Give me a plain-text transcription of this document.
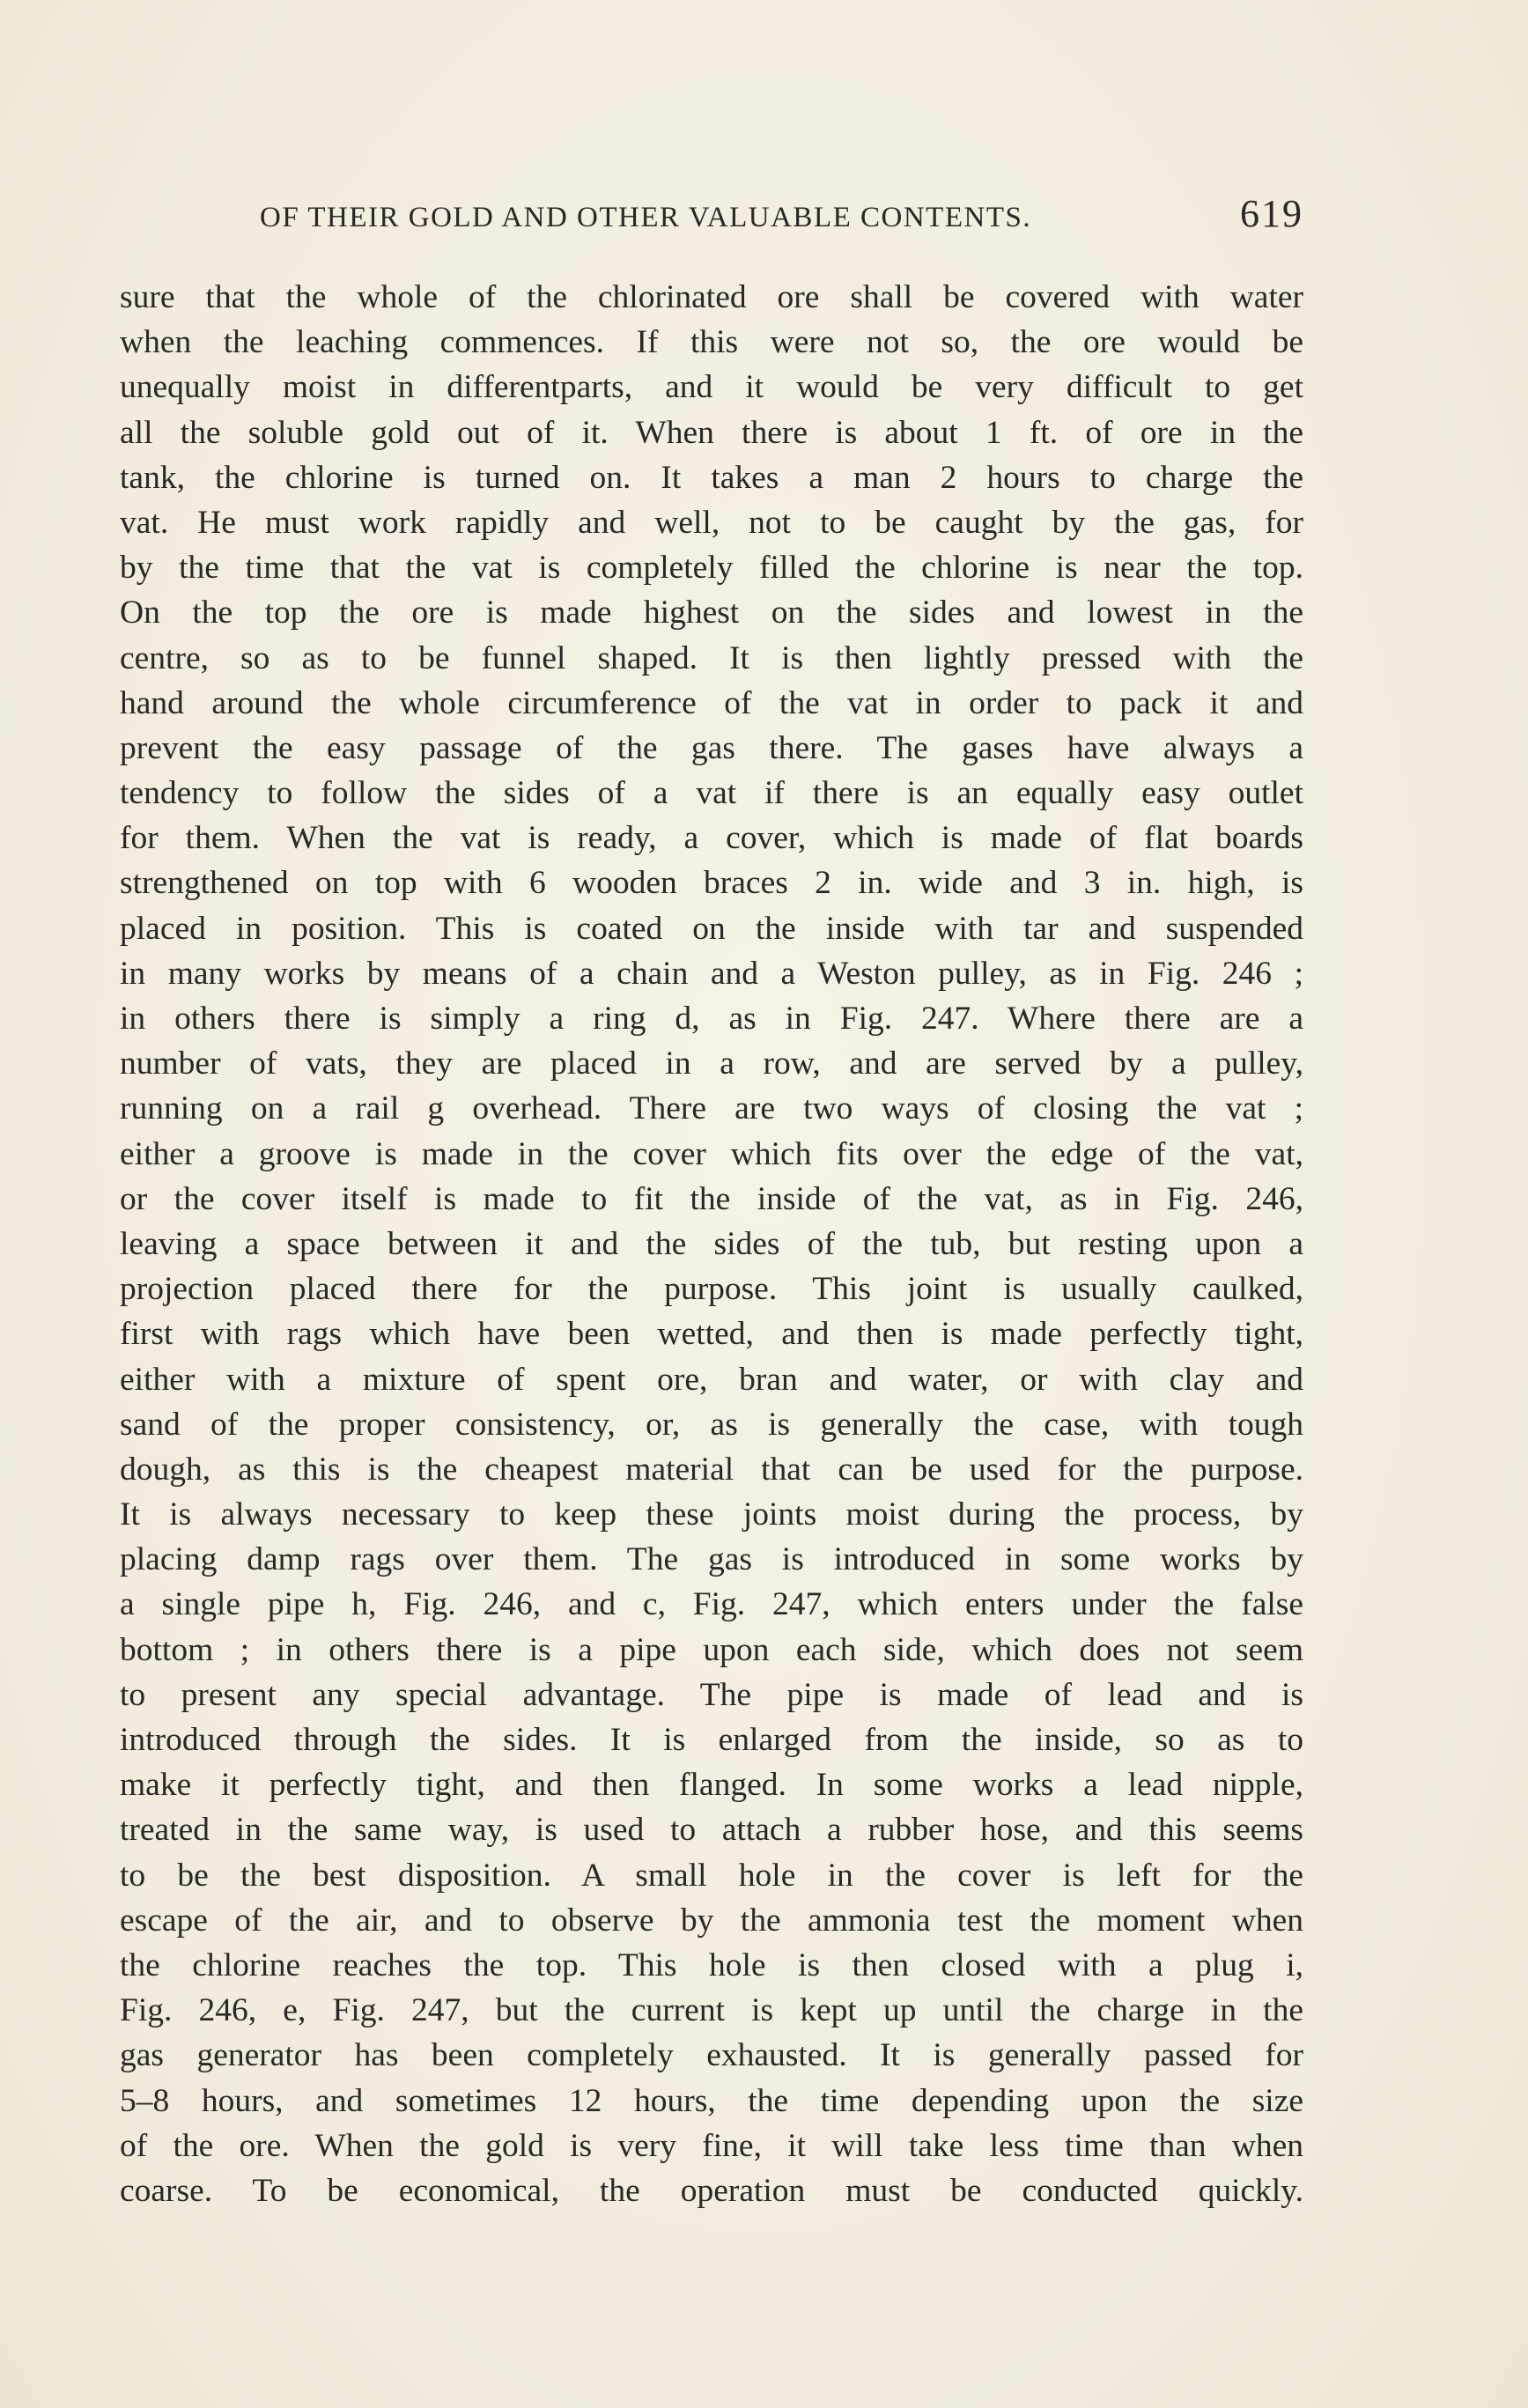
OF THEIR GOLD AND OTHER VALUABLE CONTENTS.	619
sure that the whole of the chlorinated ore shall be covered with water
when the leaching commences. If this were not so, the ore would be
unequally moist in differentparts, and it would be very difficult to get
all the soluble gold out of it. When there is about 1 ft. of ore in the
tank, the chlorine is turned on. It takes a man 2 hours to charge the
vat. He must work rapidly and well, not to be caught by the gas, for
by the time that the vat is completely filled the chlorine is near the top.
On the top the ore is made highest on the sides and lowest in the
centre, so as to be funnel shaped. It is then lightly pressed with the
hand around the whole circumference of the vat in order to pack it and
prevent the easy passage of the gas there. The gases have always a
tendency to follow the sides of a vat if there is an equally easy outlet
for them. When the vat is ready, a cover, which is made of flat boards
strengthened on top with 6 wooden braces 2 in. wide and 3 in. high, is
placed in position. This is coated on the inside with tar and suspended
in many works by means of a chain and a Weston pulley, as in Fig. 246 ;
in others there is simply a ring d, as in Fig. 247. Where there are a
number of vats, they are placed in a row, and are served by a pulley,
running on a rail g overhead. There are two ways of closing the vat ;
either a groove is made in the cover which fits over the edge of the vat,
or the cover itself is made to fit the inside of the vat, as in Fig. 246,
leaving a space between it and the sides of the tub, but resting upon a
projection placed there for the purpose. This joint is usually caulked,
first with rags which have been wetted, and then is made perfectly tight,
either with a mixture of spent ore, bran and water, or with clay and
sand of the proper consistency, or, as is generally the case, with tough
dough, as this is the cheapest material that can be used for the purpose.
It is always necessary to keep these joints moist during the process, by
placing damp rags over them. The gas is introduced in some works by
a single pipe h, Fig. 246, and c, Fig. 247, which enters under the false
bottom ; in others there is a pipe upon each side, which does not seem
to present any special advantage. The pipe is made of lead and is
introduced through the sides. It is enlarged from the inside, so as to
make it perfectly tight, and then flanged. In some works a lead nipple,
treated in the same way, is used to attach a rubber hose, and this seems
to be the best disposition. A small hole in the cover is left for the
escape of the air, and to observe by the ammonia test the moment when
the chlorine reaches the top. This hole is then closed with a plug i,
Fig. 246, e, Fig. 247, but the current is kept up until the charge in the
gas generator has been completely exhausted. It is generally passed for
5–8 hours, and sometimes 12 hours, the time depending upon the size
of the ore. When the gold is very fine, it will take less time than when
coarse. To be economical, the operation must be conducted quickly.
